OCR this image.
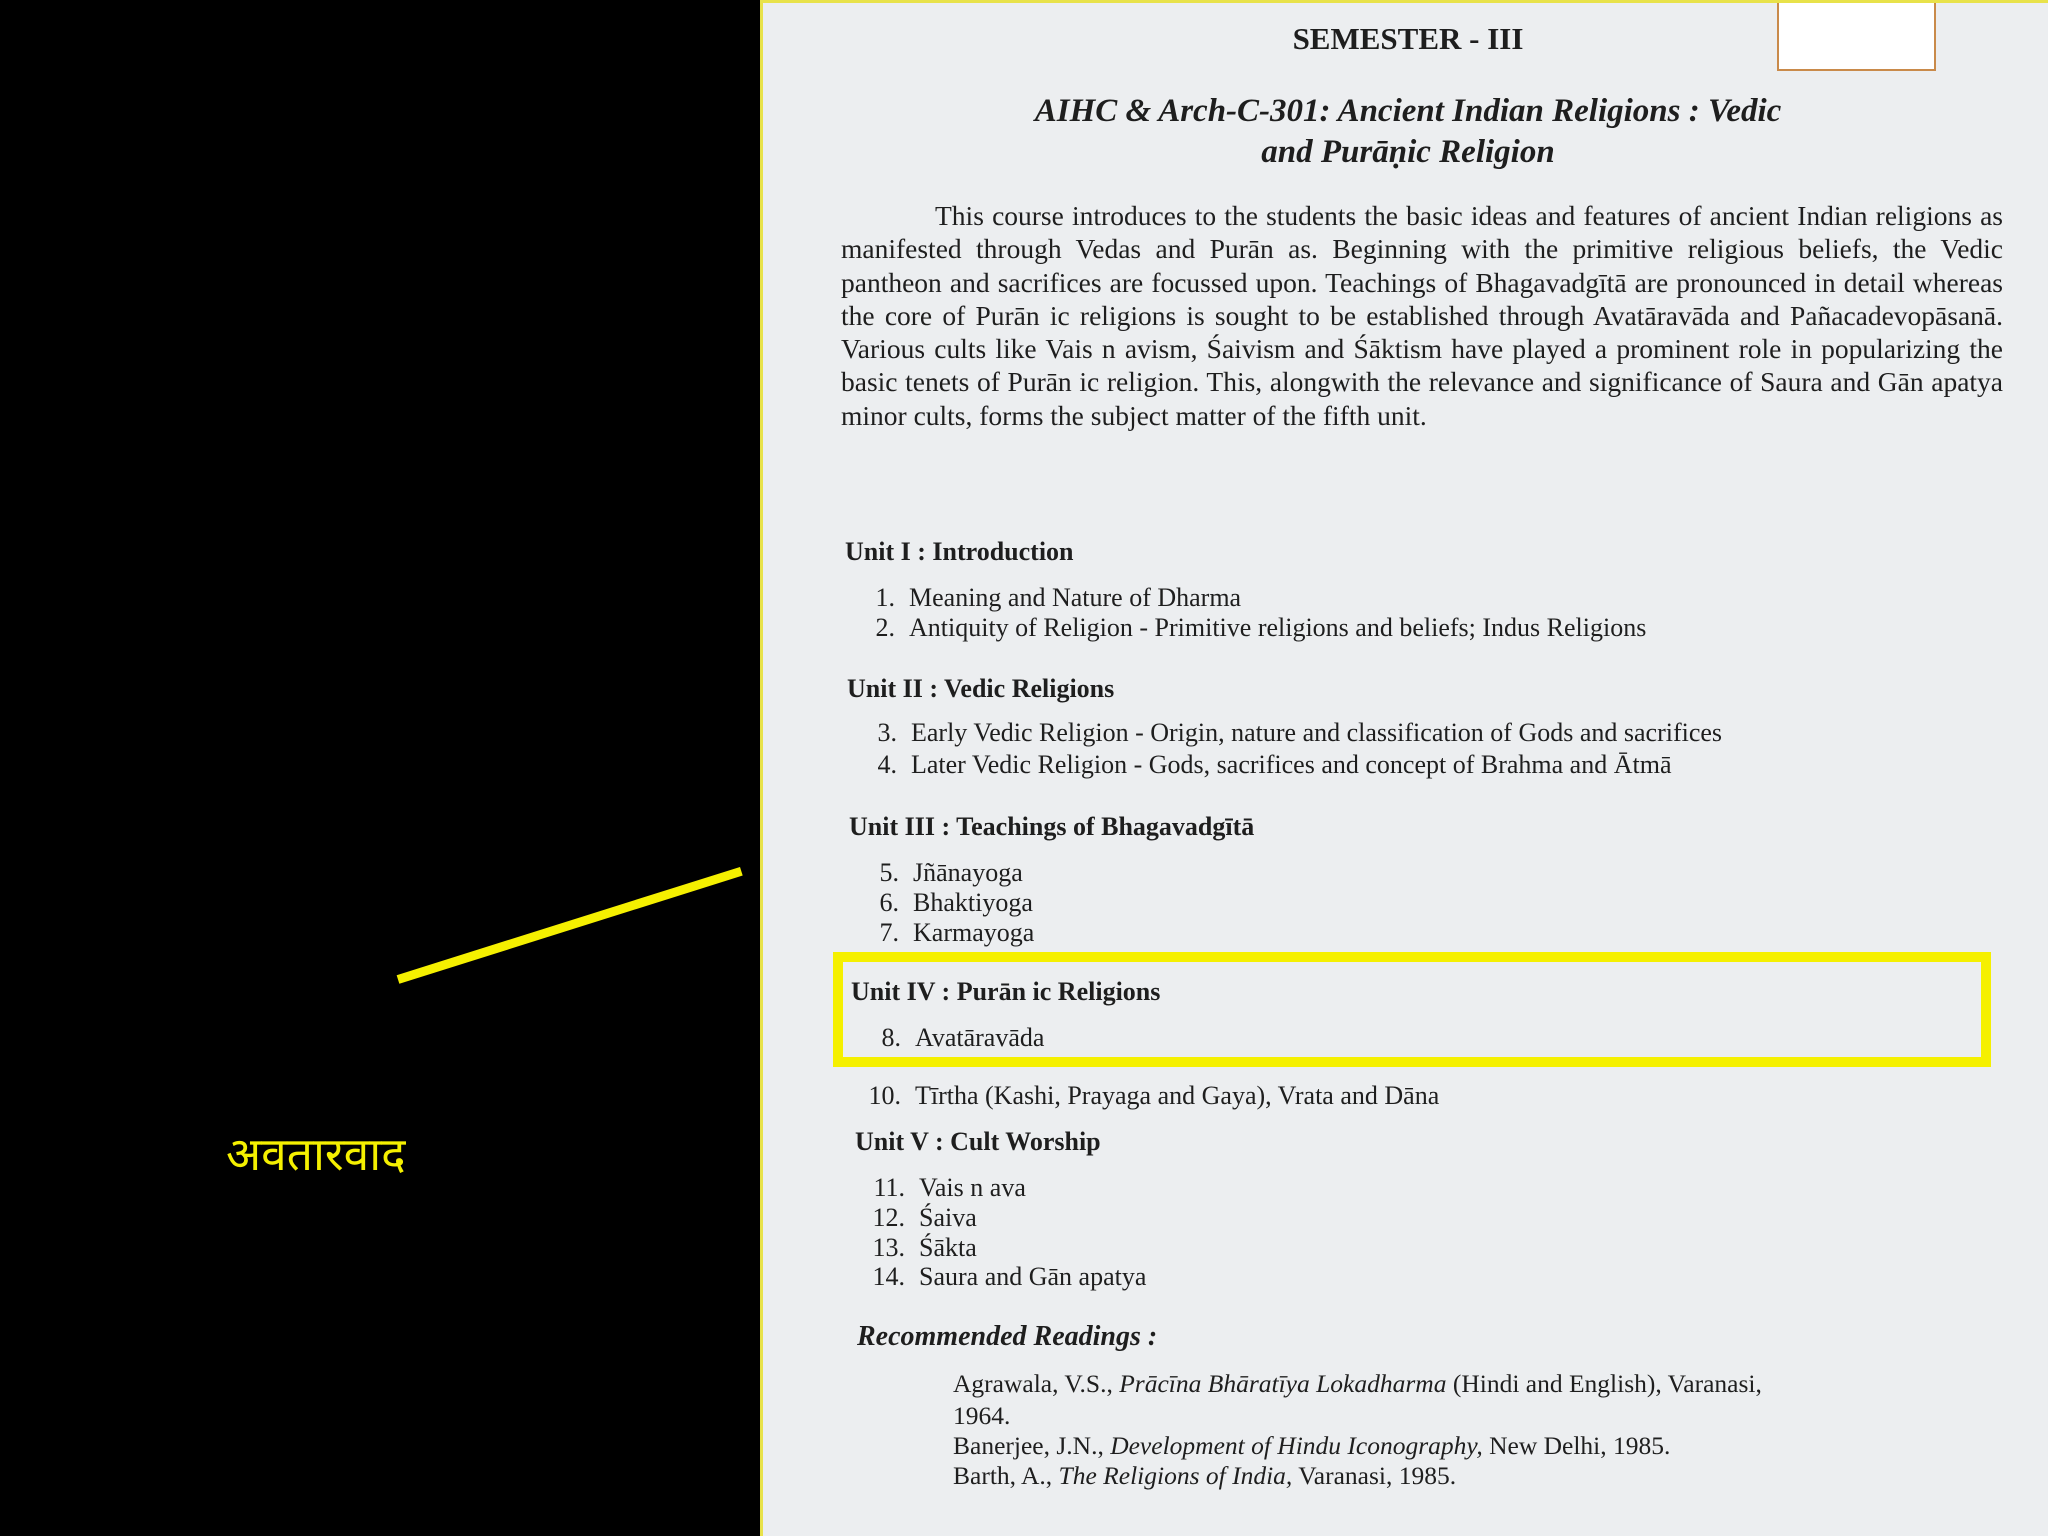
अवतारवाद
SEMESTER - III
AIHC & Arch-C-301: Ancient Indian Religions : Vedic
and Purāṇic Religion

This course introduces to the students the basic ideas and features of ancient Indian religions as manifested through Vedas and Purān as. Beginning with the primitive religious beliefs, the Vedic pantheon and sacrifices are focussed upon. Teachings of Bhagavadgītā are pronounced in detail whereas the core of Purān ic religions is sought to be established through Avatāravāda and Pañacadevopāsanā. Various cults like Vais n avism, Śaivism and Śāktism have played a prominent role in popularizing the basic tenets of Purān ic religion. This, alongwith the relevance and significance of Saura and Gān apatya minor cults, forms the subject matter of the fifth unit.

Unit I : Introduction
1. Meaning and Nature of Dharma
2. Antiquity of Religion - Primitive religions and beliefs; Indus Religions
Unit II : Vedic Religions
3. Early Vedic Religion - Origin, nature and classification of Gods and sacrifices
4. Later Vedic Religion - Gods, sacrifices and concept of Brahma and Ātmā
Unit III : Teachings of Bhagavadgītā
5. Jñānayoga
6. Bhaktiyoga
7. Karmayoga
Unit IV : Purān ic Religions
8. Avatāravāda
10. Tīrtha (Kashi, Prayaga and Gaya), Vrata and Dāna
Unit V : Cult Worship
11. Vais n ava
12. Śaiva
13. Śākta
14. Saura and Gān apatya
Recommended Readings :
Agrawala, V.S., Prācīna Bhāratīya Lokadharma (Hindi and English), Varanasi,
1964.
Banerjee, J.N., Development of Hindu Iconography, New Delhi, 1985.
Barth, A., The Religions of India, Varanasi, 1985.
